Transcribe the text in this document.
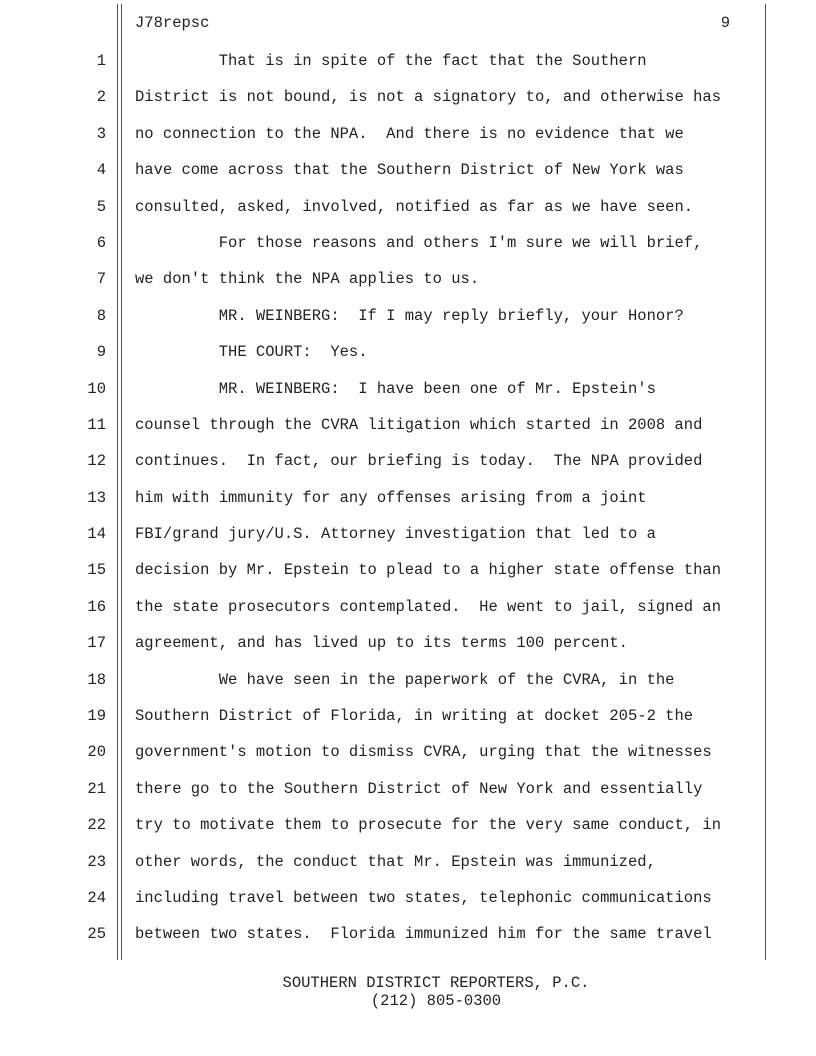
J78repsc	9
1 That is in spite of the fact that the Southern
2 District is not bound, is not a signatory to, and otherwise has
3 no connection to the NPA.  And there is no evidence that we
4 have come across that the Southern District of New York was
5 consulted, asked, involved, notified as far as we have seen.
6 For those reasons and others I'm sure we will brief,
7 we don't think the NPA applies to us.
8 MR. WEINBERG:  If I may reply briefly, your Honor?
9 THE COURT:  Yes.
10 MR. WEINBERG:  I have been one of Mr. Epstein's
11 counsel through the CVRA litigation which started in 2008 and
12 continues.  In fact, our briefing is today.  The NPA provided
13 him with immunity for any offenses arising from a joint
14 FBI/grand jury/U.S. Attorney investigation that led to a
15 decision by Mr. Epstein to plead to a higher state offense than
16 the state prosecutors contemplated.  He went to jail, signed an
17 agreement, and has lived up to its terms 100 percent.
18 We have seen in the paperwork of the CVRA, in the
19 Southern District of Florida, in writing at docket 205-2 the
20 government's motion to dismiss CVRA, urging that the witnesses
21 there go to the Southern District of New York and essentially
22 try to motivate them to prosecute for the very same conduct, in
23 other words, the conduct that Mr. Epstein was immunized,
24 including travel between two states, telephonic communications
25 between two states.  Florida immunized him for the same travel
SOUTHERN DISTRICT REPORTERS, P.C.
(212) 805-0300
